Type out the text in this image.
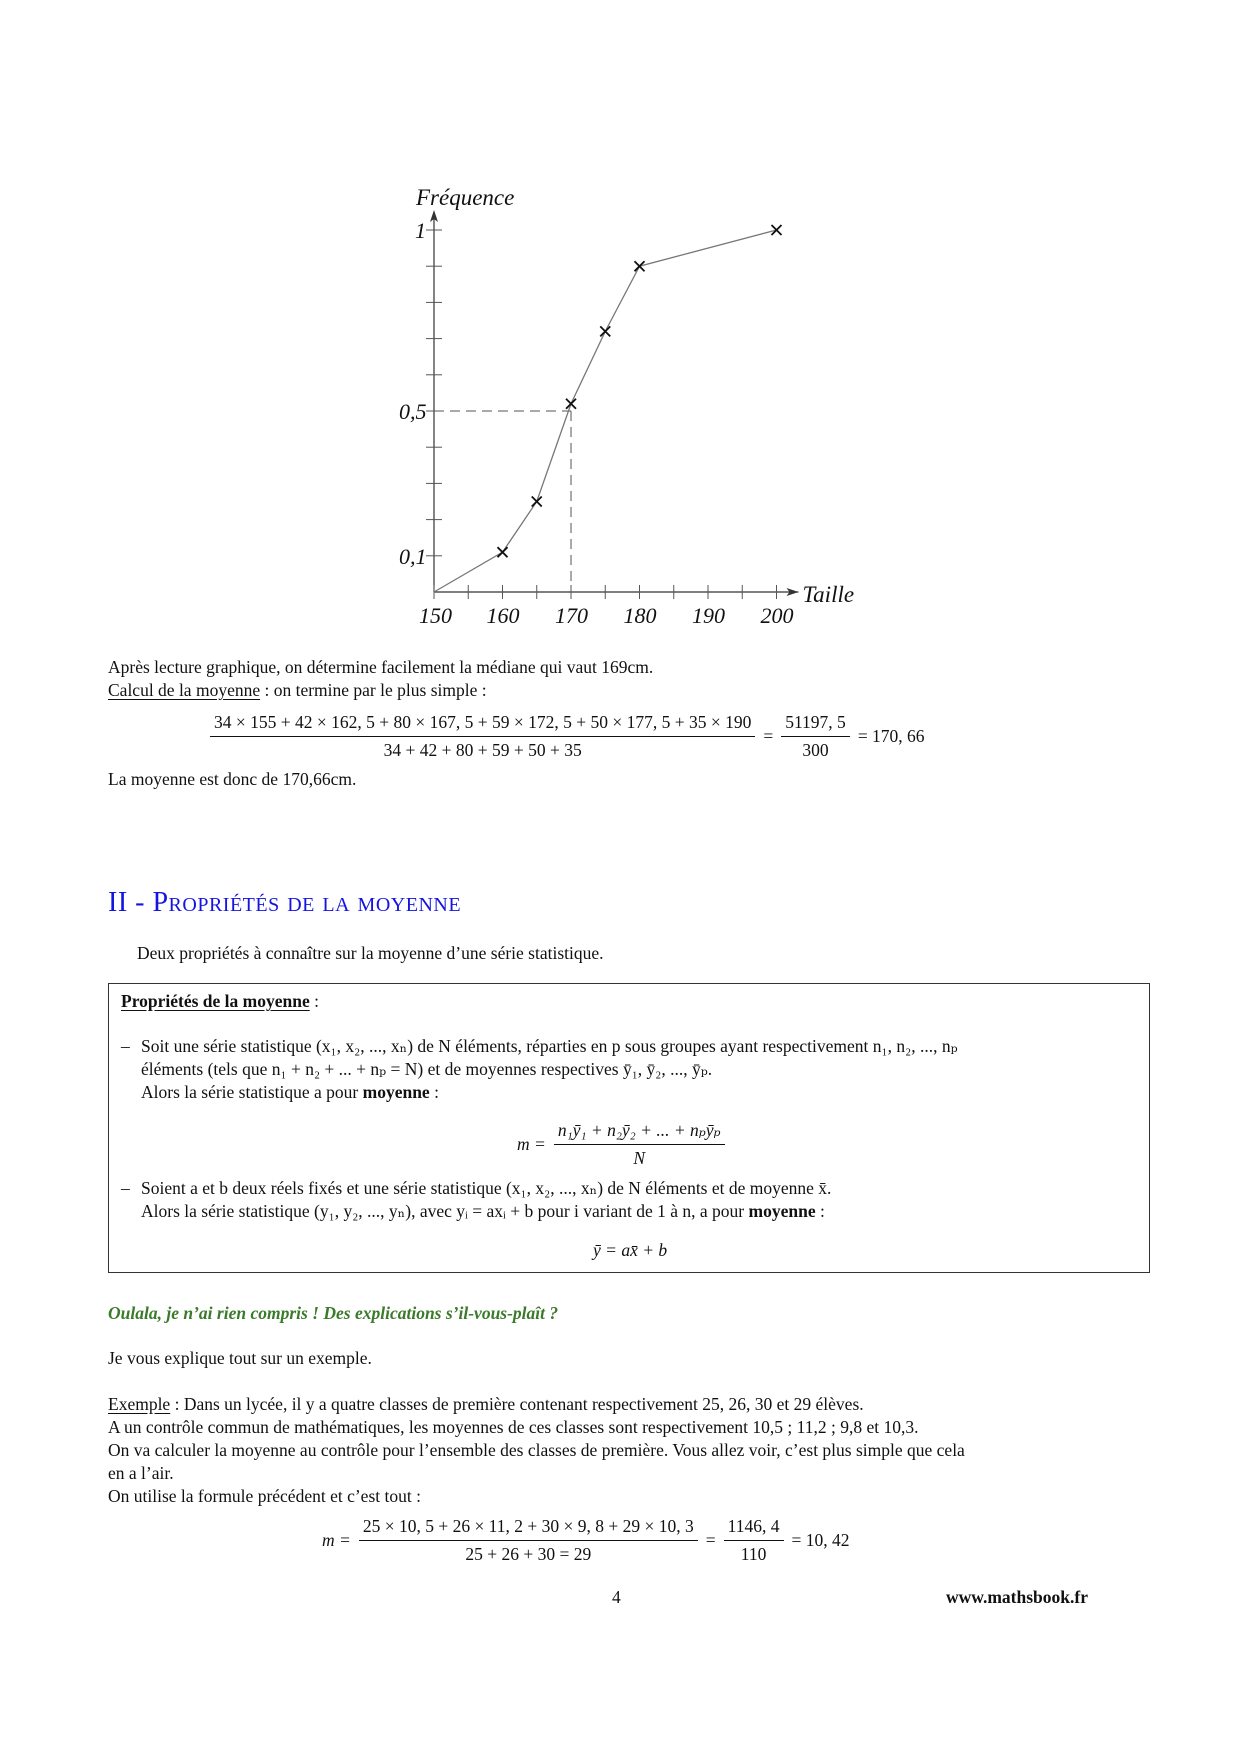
150 160 170 180 190 200
0,1
0,5
1
Fréquence
Taille
Après lecture graphique, on détermine facilement la médiane qui vaut 169cm.
Calcul de la moyenne : on termine par le plus simple :
34 × 155 + 42 × 162, 5 + 80 × 167, 5 + 59 × 172, 5 + 50 × 177, 5 + 35 × 190
34 + 42 + 80 + 59 + 50 + 35
= $\frac{51197, 5}{300} = 170$, 66
La moyenne est donc de 170,66cm.
II - Propriétés de la moyenne
Deux propriétés à connaître sur la moyenne d’une série statistique.
Propriétés de la moyenne :
– Soit une série statistique (x₁, x₂, ..., xₙ) de N éléments, réparties en p sous groupes ayant respectivement n₁, n₂, ..., nₚ
éléments (tels que n₁ + n₂ + ... + nₚ = N) et de moyennes respectives ȳ₁, ȳ₂, ..., ȳₚ.
Alors la série statistique a pour moyenne :
$m = \frac{\text{n₁ȳ₁ + n₂ȳ₂ + ... + nₚȳₚ}}{N}$
– Soient a et b deux réels fixés et une série statistique (x₁, x₂, ..., xₙ) de N éléments et de moyenne x̄.
Alors la série statistique (y₁, y₂, ..., yₙ), avec yᵢ = axᵢ + b pour i variant de 1 à n, a pour moyenne :
ȳ = ax̄ + b
Oulala, je n’ai rien compris ! Des explications s’il-vous-plaît ?
Je vous explique tout sur un exemple.
Exemple : Dans un lycée, il y a quatre classes de première contenant respectivement 25, 26, 30 et 29 élèves.
A un contrôle commun de mathématiques, les moyennes de ces classes sont respectivement 10,5 ; 11,2 ; 9,8 et 10,3.
On va calculer la moyenne au contrôle pour l’ensemble des classes de première. Vous allez voir, c’est plus simple que cela
en a l’air.
On utilise la formule précédent et c’est tout :
$m = \frac{25 \times 10, 5 + 26 \times 11, 2 + 30 \times 9, 8 + 29 \times 10, 3}{25 + 26 + 30 = 29} = \frac{1146, 4}{110} = 10$, 42
4	www.mathsbook.fr
